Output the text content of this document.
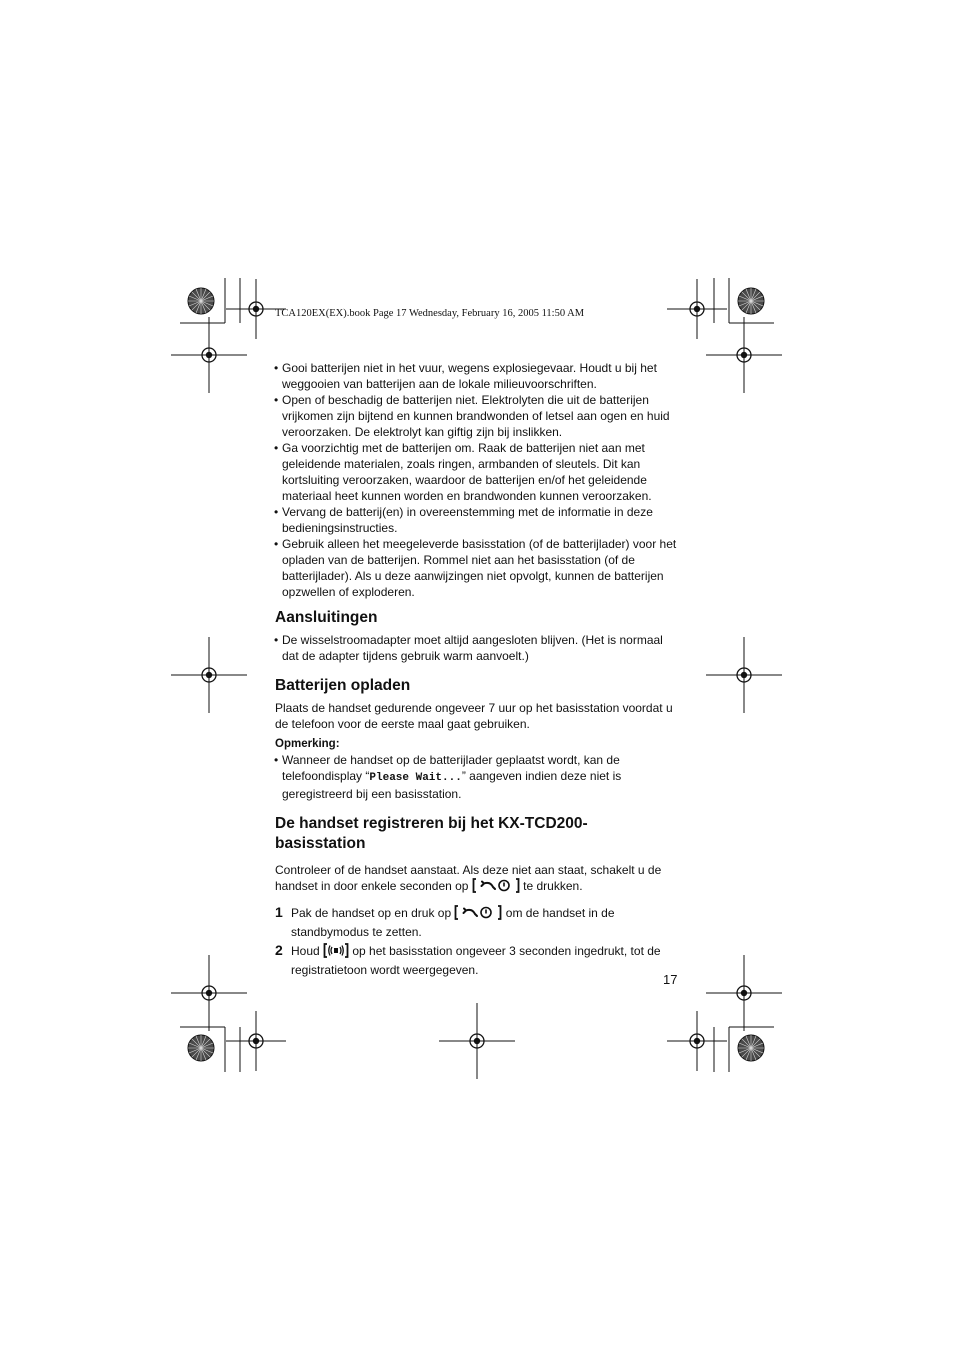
TCA120EX(EX).book Page 17 Wednesday, February 16, 2005 11:50 AM
• Gooi batterijen niet in het vuur, wegens explosiegevaar. Houdt u bij het weggooien van batterijen aan de lokale milieuvoorschriften.
• Open of beschadig de batterijen niet. Elektrolyten die uit de batterijen vrijkomen zijn bijtend en kunnen brandwonden of letsel aan ogen en huid veroorzaken. De elektrolyt kan giftig zijn bij inslikken.
• Ga voorzichtig met de batterijen om. Raak de batterijen niet aan met geleidende materialen, zoals ringen, armbanden of sleutels. Dit kan kortsluiting veroorzaken, waardoor de batterijen en/of het geleidende materiaal heet kunnen worden en brandwonden kunnen veroorzaken.
• Vervang de batterij(en) in overeenstemming met de informatie in deze bedieningsinstructies.
• Gebruik alleen het meegeleverde basisstation (of de batterijlader) voor het opladen van de batterijen. Rommel niet aan het basisstation (of de batterijlader). Als u deze aanwijzingen niet opvolgt, kunnen de batterijen opzwellen of exploderen.
Aansluitingen
• De wisselstroomadapter moet altijd aangesloten blijven. (Het is normaal dat de adapter tijdens gebruik warm aanvoelt.)
Batterijen opladen

Plaats de handset gedurende ongeveer 7 uur op het basisstation voordat u de telefoon voor de eerste maal gaat gebruiken.

Opmerking:

• Wanneer de handset op de batterijlader geplaatst wordt, kan de telefoondisplay “Please Wait...” aangeven indien deze niet is geregistreerd bij een basisstation.
De handset registreren bij het KX-TCD200-
basisstation

Controleer of de handset aanstaat. Als deze niet aan staat, schakelt u de handset in door enkele seconden op	te drukken.

1 Pak de handset op en druk op	om de handset in de standbymodus te zetten.
2 Houd  op het basisstation ongeveer 3 seconden ingedrukt, tot de registratietoon wordt weergegeven.
17
